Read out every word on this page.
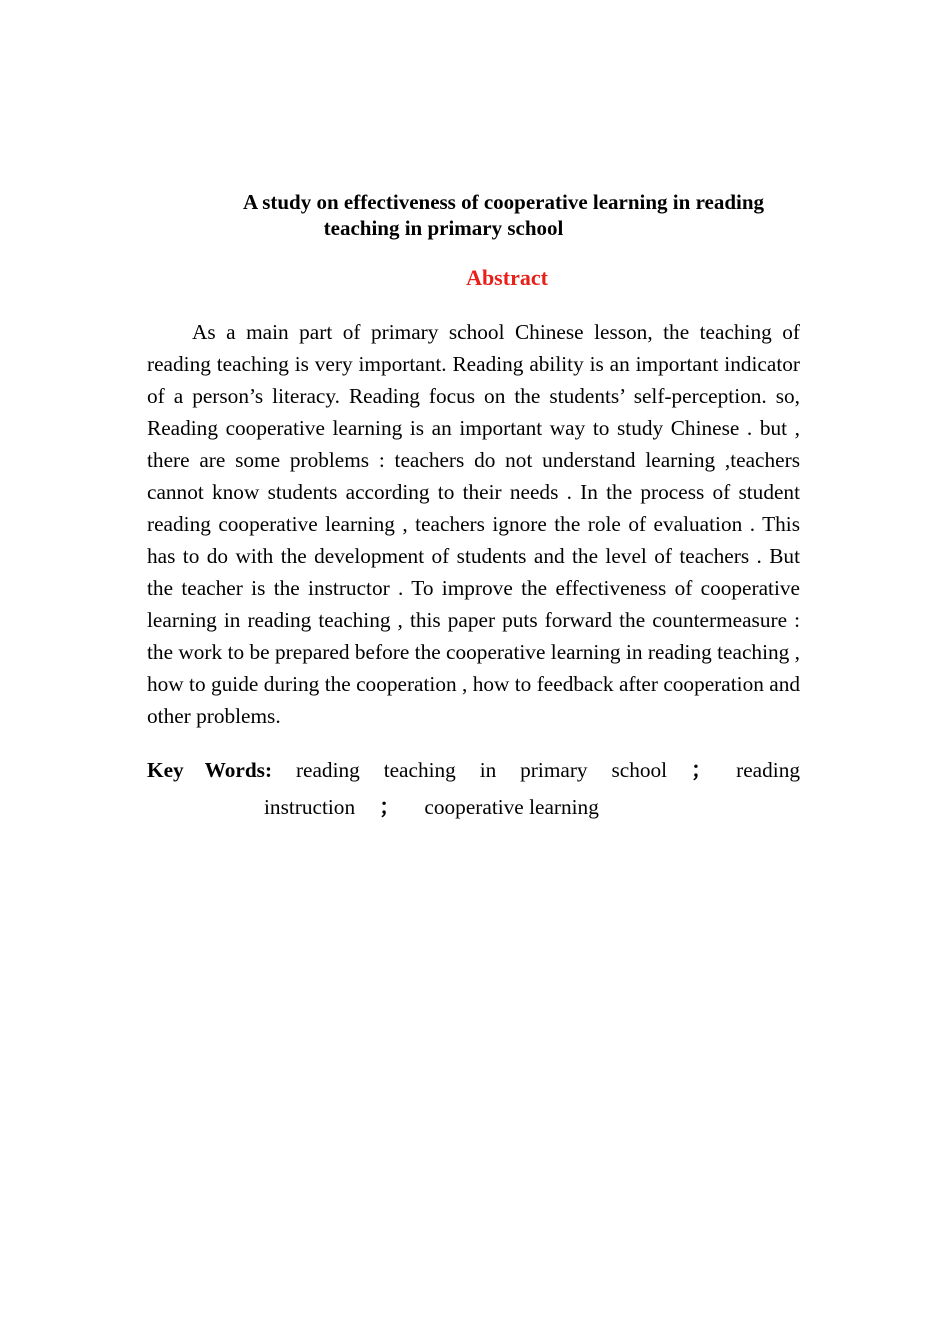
A study on effectiveness of cooperative learning in reading
teaching in primary school
Abstract

As a main part of primary school Chinese lesson, the teaching of reading teaching is very important. Reading ability is an important indicator of a person’s literacy. Reading focus on the students’ self-perception. so, Reading cooperative learning is an important way to study Chinese . but , there are some problems : teachers do not understand learning ,teachers cannot know students according to their needs . In the process of student reading cooperative learning , teachers ignore the role of evaluation . This has to do with the development of students and the level of teachers . But the teacher is the instructor . To improve the effectiveness of cooperative learning in reading teaching , this paper puts forward the countermeasure : the work to be prepared before the cooperative learning in reading teaching , how to guide during the cooperation , how to feedback after cooperation and other problems.

Key Words: reading teaching in primary school ； reading
instruction ； cooperative learning
